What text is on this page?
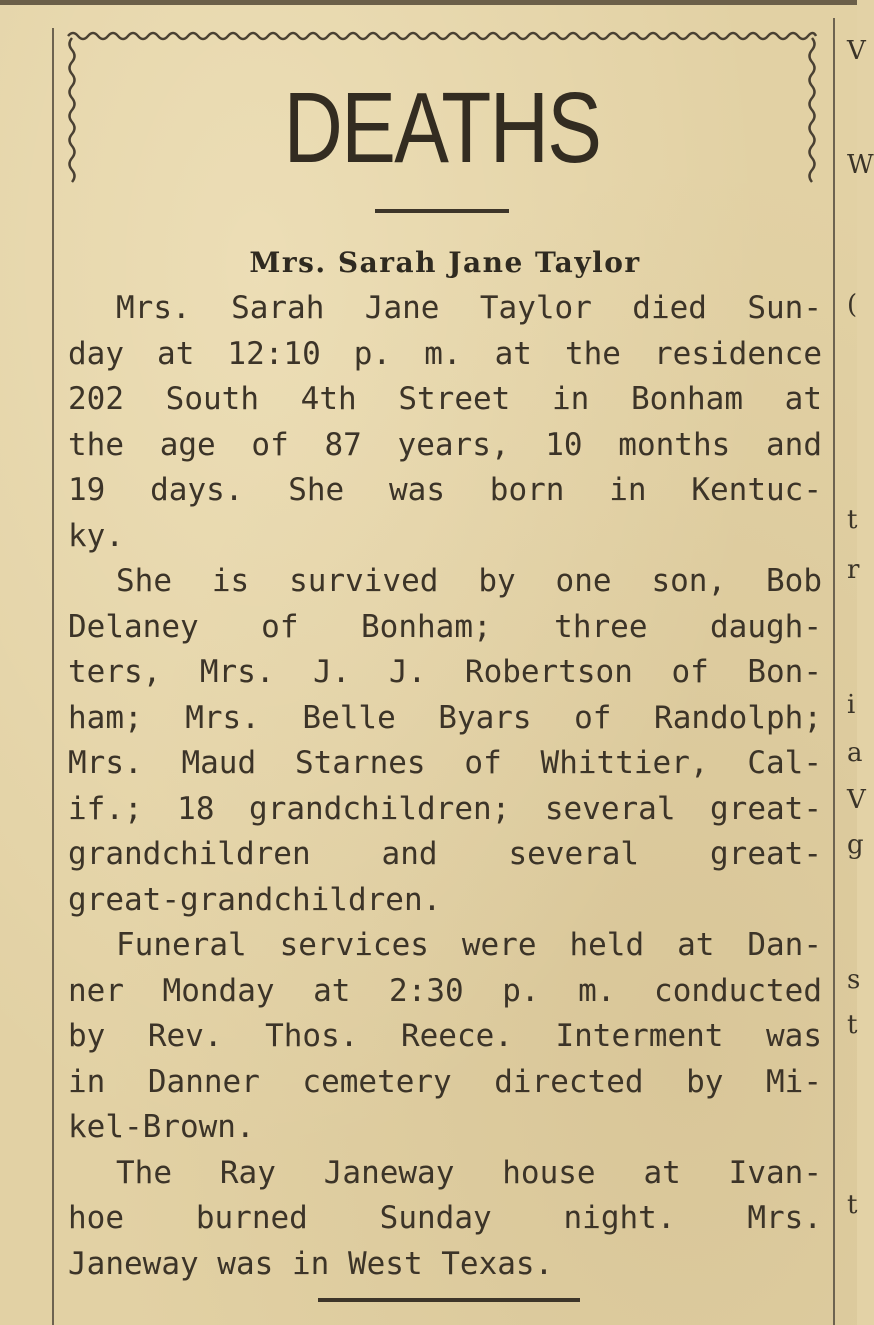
V
W
(
t
r
i
a
V
g
s
t
t
DEATHS

Mrs. Sarah Jane Taylor

Mrs. Sarah Jane Taylor died Sun-
day at 12:10 p. m. at the residence
202 South 4th Street in Bonham at
the age of 87 years, 10 months and
19 days. She was born in Kentuc-
ky.

She is survived by one son, Bob
Delaney of Bonham; three daugh-
ters, Mrs. J. J. Robertson of Bon-
ham; Mrs. Belle Byars of Randolph;
Mrs. Maud Starnes of Whittier, Cal-
if.; 18 grandchildren; several great-
grandchildren and several great-
great-grandchildren.

Funeral services were held at Dan-
ner Monday at 2:30 p. m. conducted
by Rev. Thos. Reece. Interment was
in Danner cemetery directed by Mi-
kel-Brown.

The Ray Janeway house at Ivan-
hoe burned Sunday night. Mrs.
Janeway was in West Texas.
